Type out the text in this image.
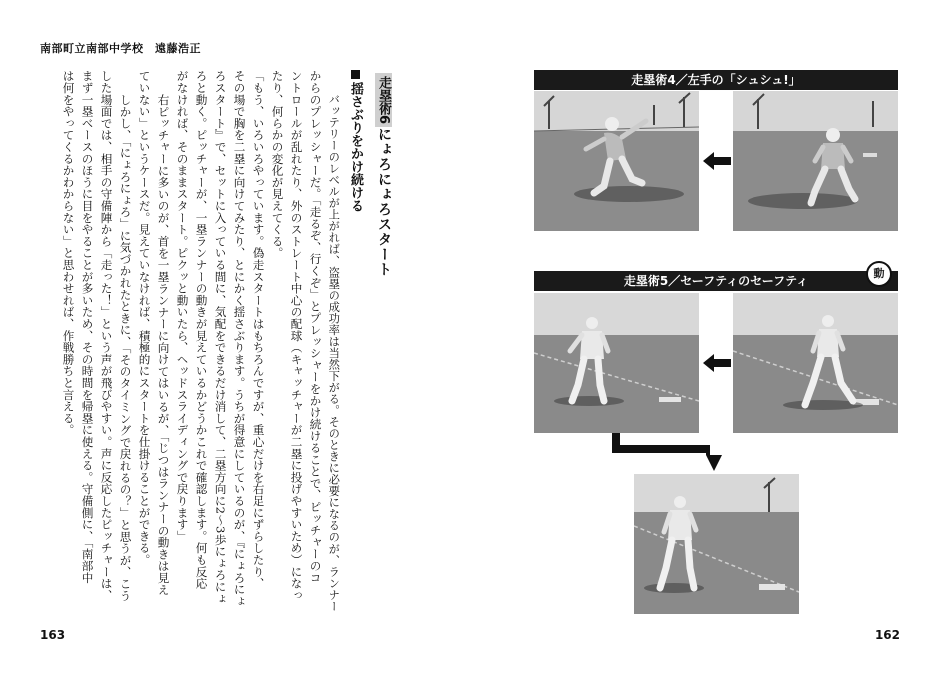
南部町立南部中学校　遠藤浩正
走塁術6
にょろにょろスタート
揺さぶりをかけ続ける
　バッテリーのレベルが上がれば、盗塁の成功率は当然下がる。そのときに必要になるのが、ランナー
からのプレッシャーだ。「走るぞ、行くぞ」とプレッシャーをかけ続けることで、ピッチャーのコ
ントロールが乱れたり、外のストレート中心の配球（キャッチャーが二塁に投げやすいため）になっ
たり、何らかの変化が見えてくる。
「もう、いろいろやっています。偽走スタートはもちろんですが、重心だけを右足にずらしたり、
その場で胸を二塁に向けてみたり、とにかく揺さぶります。うちが得意にしているのが、『にょろにょ
ろスタート』で、セットに入っている間に、気配をできるだけ消して、二塁方向に2〜3歩にょろにょ
ろと動く。ピッチャーが、一塁ランナーの動きが見えているかどうかこれで確認します。何も反応
がなければ、そのままスタート。ピクッと動いたら、ヘッドスライディングで戻ります」
　右ピッチャーに多いのが、首を一塁ランナーに向けてはいるが、「じつはランナーの動きは見え
ていない」というケースだ。見えていなければ、積極的にスタートを仕掛けることができる。
　しかし、「にょろにょろ」に気づかれたときに、「そのタイミングで戻れるの？」と思うが、こう
した場面では、相手の守備陣から「走った！」という声が飛びやすい。声に反応したピッチャーは、
まず一塁ベースのほうに目をやることが多いため、その時間を帰塁に使える。守備側に、「南部中
は何をやってくるかわからない」と思わせれば、作戦勝ちと言える。
163
走塁術4／左手の「シュシュ!」
走塁術5／セーフティのセーフティ
動
162
